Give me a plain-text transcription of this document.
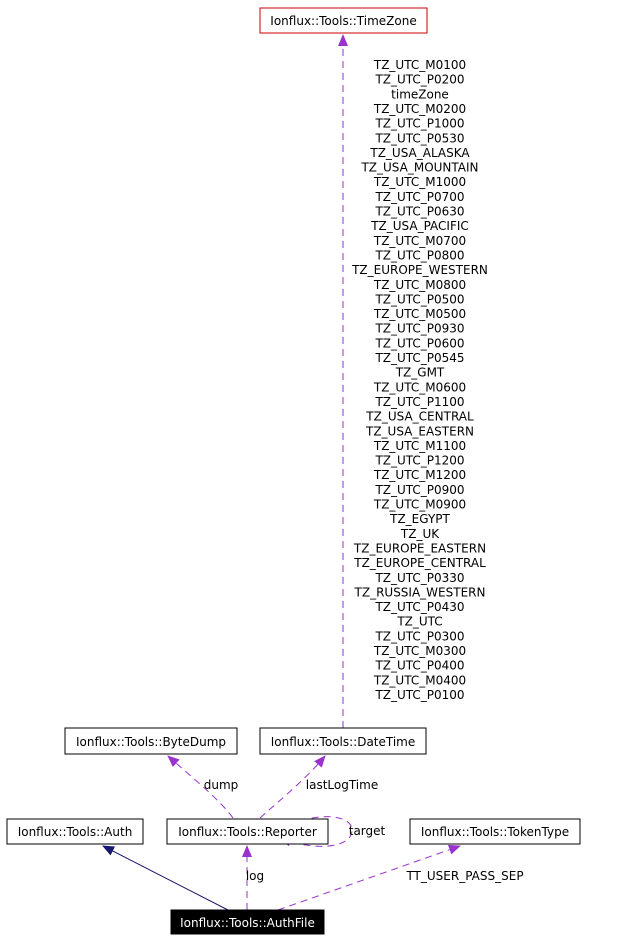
dump	lastLogTime
target
log	TT_USER_PASS_SEP
TZ_UTC_M0100
TZ_UTC_P0200
timeZone
TZ_UTC_M0200
TZ_UTC_P1000
TZ_UTC_P0530
TZ_USA_ALASKA
TZ_USA_MOUNTAIN
TZ_UTC_M1000
TZ_UTC_P0700
TZ_UTC_P0630
TZ_USA_PACIFIC
TZ_UTC_M0700
TZ_UTC_P0800
TZ_EUROPE_WESTERN
TZ_UTC_M0800
TZ_UTC_P0500
TZ_UTC_M0500
TZ_UTC_P0930
TZ_UTC_P0600
TZ_UTC_P0545
TZ_GMT
TZ_UTC_M0600
TZ_UTC_P1100
TZ_USA_CENTRAL
TZ_USA_EASTERN
TZ_UTC_M1100
TZ_UTC_P1200
TZ_UTC_M1200
TZ_UTC_P0900
TZ_UTC_M0900
TZ_EGYPT
TZ_UK
TZ_EUROPE_EASTERN
TZ_EUROPE_CENTRAL
TZ_UTC_P0330
TZ_RUSSIA_WESTERN
TZ_UTC_P0430
TZ_UTC
TZ_UTC_P0300
TZ_UTC_M0300
TZ_UTC_P0400
TZ_UTC_M0400
TZ_UTC_P0100
Ionflux::Tools::TimeZone
Ionflux::Tools::ByteDump	Ionflux::Tools::DateTime
Ionflux::Tools::Auth	Ionflux::Tools::Reporter	Ionflux::Tools::TokenType
Ionflux::Tools::AuthFile
